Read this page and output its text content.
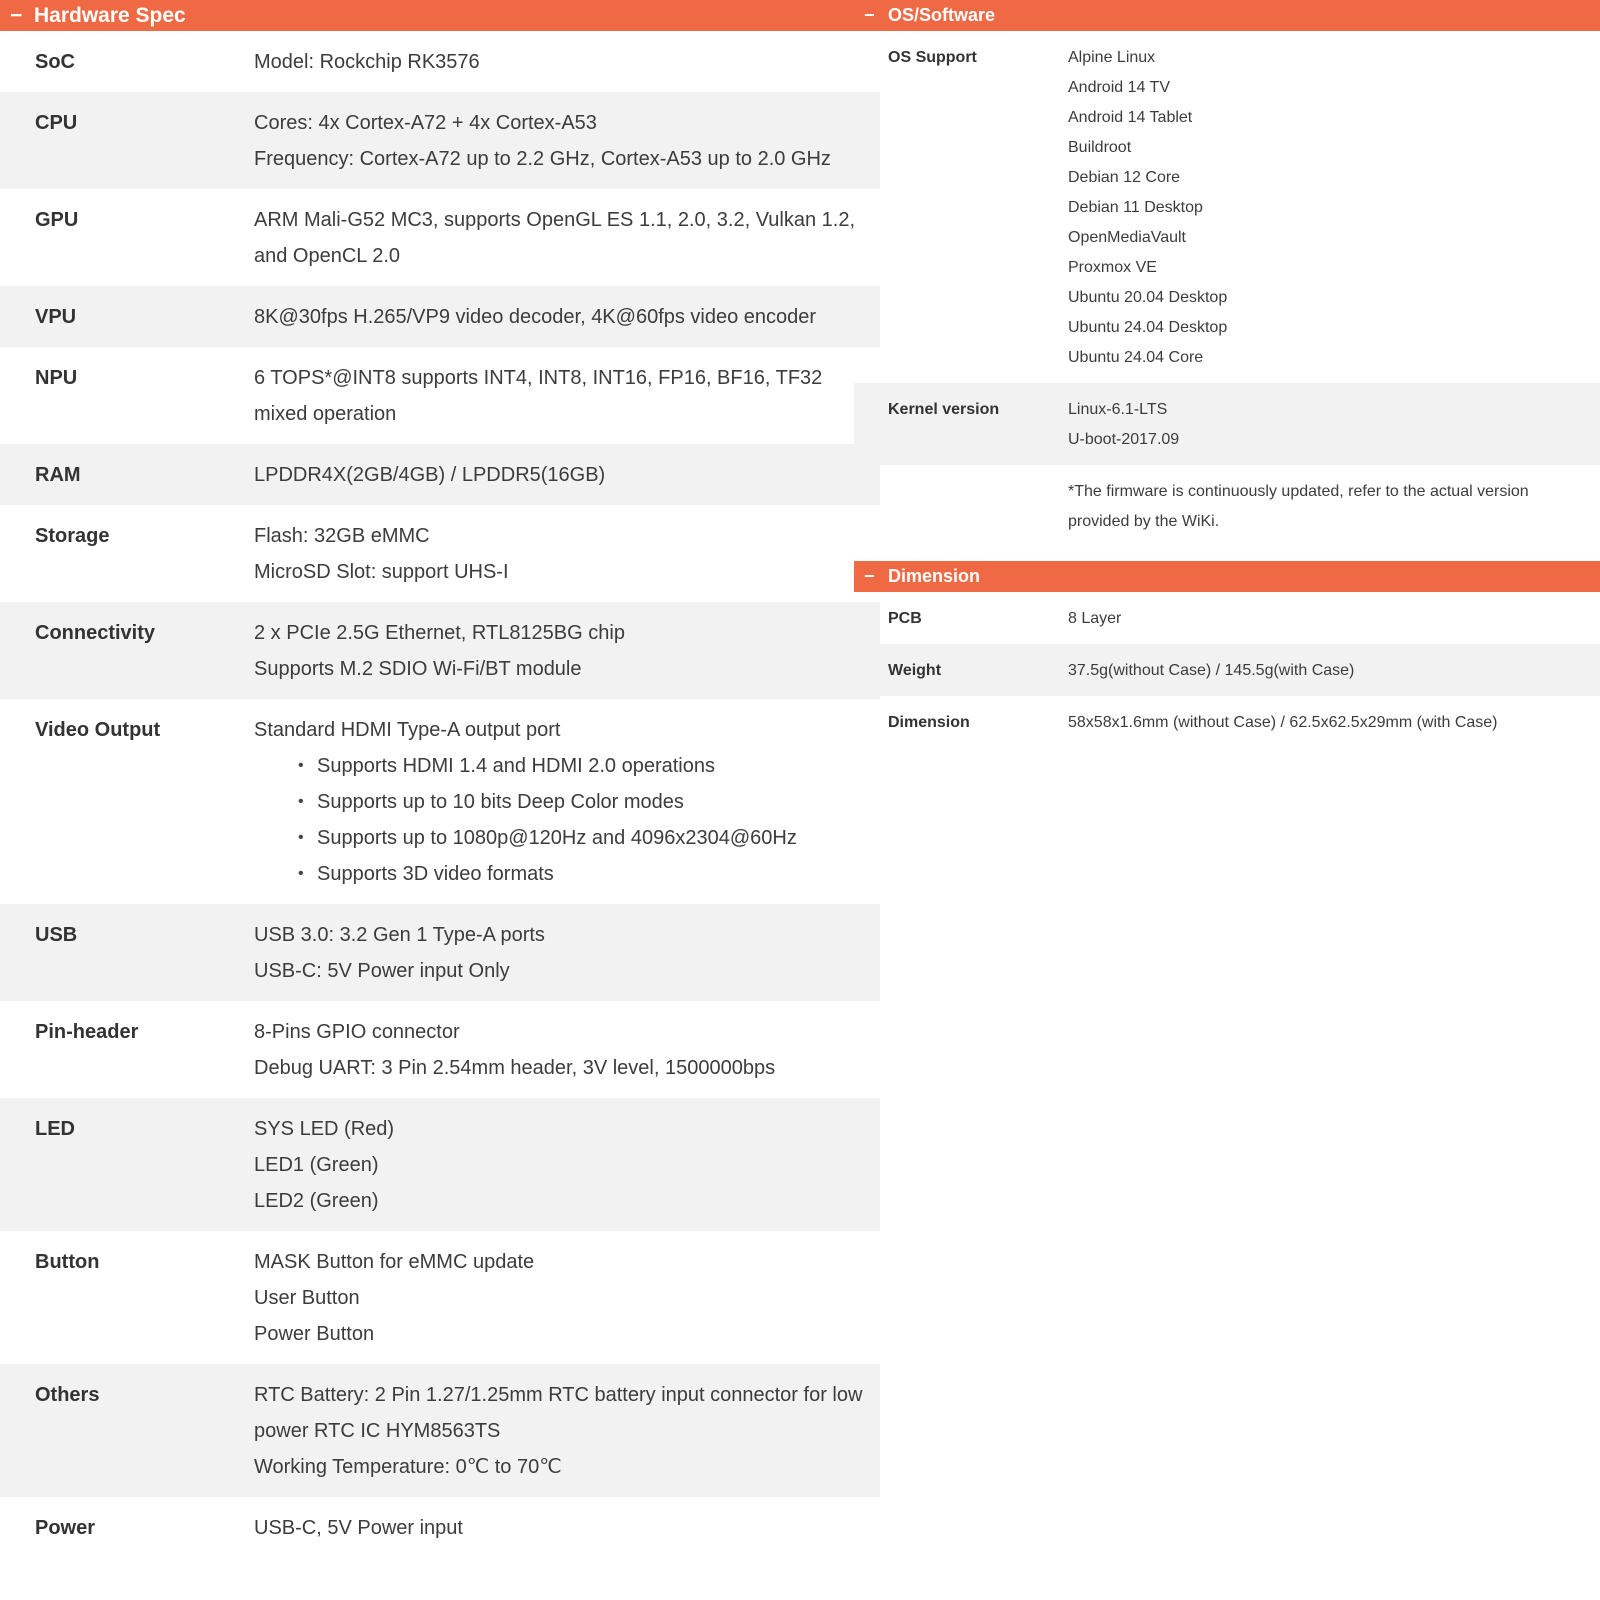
− Hardware Spec
SoC	Model: Rockchip RK3576
CPU	Cores: 4x Cortex-A72 + 4x Cortex-A53
Frequency: Cortex-A72 up to 2.2 GHz, Cortex-A53 up to 2.0 GHz
GPU	ARM Mali-G52 MC3, supports OpenGL ES 1.1, 2.0, 3.2, Vulkan 1.2, and OpenCL 2.0
VPU	8K@30fps H.265/VP9 video decoder, 4K@60fps video encoder
NPU	6 TOPS*@INT8 supports INT4, INT8, INT16, FP16, BF16, TF32 mixed operation
RAM	LPDDR4X(2GB/4GB) / LPDDR5(16GB)
Storage	Flash: 32GB eMMC
MicroSD Slot: support UHS-I
Connectivity	2 x PCIe 2.5G Ethernet, RTL8125BG chip
Supports M.2 SDIO Wi-Fi/BT module
Video Output	Standard HDMI Type-A output port
• Supports HDMI 1.4 and HDMI 2.0 operations
• Supports up to 10 bits Deep Color modes
• Supports up to 1080p@120Hz and 4096x2304@60Hz
• Supports 3D video formats
USB	USB 3.0: 3.2 Gen 1 Type-A ports
USB-C: 5V Power input Only
Pin-header	8-Pins GPIO connector
Debug UART: 3 Pin 2.54mm header, 3V level, 1500000bps
LED	SYS LED (Red)
LED1 (Green)
LED2 (Green)
Button	MASK Button for eMMC update
User Button
Power Button
Others	RTC Battery: 2 Pin 1.27/1.25mm RTC battery input connector for low power RTC IC HYM8563TS
Working Temperature: 0℃ to 70℃
Power	USB-C, 5V Power input
− OS/Software
OS Support	Alpine Linux
Android 14 TV
Android 14 Tablet
Buildroot
Debian 12 Core
Debian 11 Desktop
OpenMediaVault
Proxmox VE
Ubuntu 20.04 Desktop
Ubuntu 24.04 Desktop
Ubuntu 24.04 Core
Kernel version	Linux-6.1-LTS
U-boot-2017.09
*The firmware is continuously updated, refer to the actual version provided by the WiKi.
− Dimension
PCB	8 Layer
Weight	37.5g(without Case) / 145.5g(with Case)
Dimension	58x58x1.6mm (without Case) / 62.5x62.5x29mm (with Case)
